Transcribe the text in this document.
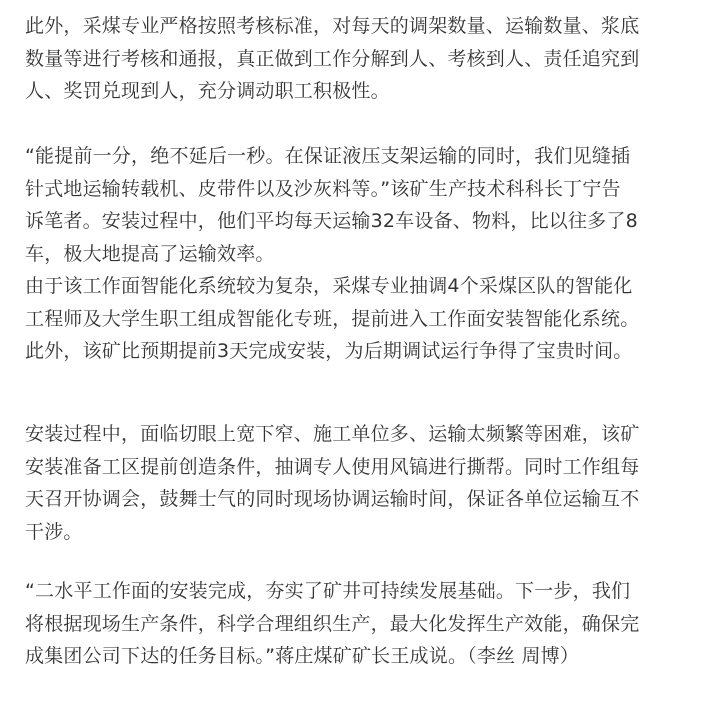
此外，采煤专业严格按照考核标准，对每天的调架数量、运输数量、浆底
数量等进行考核和通报，真正做到工作分解到人、考核到人、责任追究到
人、奖罚兑现到人，充分调动职工积极性。

“能提前一分，绝不延后一秒。在保证液压支架运输的同时，我们见缝插
针式地运输转载机、皮带件以及沙灰料等。”该矿生产技术科科长丁宁告
诉笔者。安装过程中，他们平均每天运输32车设备、物料，比以往多了8
车，极大地提高了运输效率。

由于该工作面智能化系统较为复杂，采煤专业抽调4个采煤区队的智能化
工程师及大学生职工组成智能化专班，提前进入工作面安装智能化系统。
此外，该矿比预期提前3天完成安装，为后期调试运行争得了宝贵时间。

安装过程中，面临切眼上宽下窄、施工单位多、运输太频繁等困难，该矿
安装准备工区提前创造条件，抽调专人使用风镐进行撕帮。同时工作组每
天召开协调会，鼓舞士气的同时现场协调运输时间，保证各单位运输互不
干涉。

“二水平工作面的安装完成，夯实了矿井可持续发展基础。下一步，我们
将根据现场生产条件，科学合理组织生产，最大化发挥生产效能，确保完
成集团公司下达的任务目标。”蒋庄煤矿矿长王成说。（李丝 周博）
